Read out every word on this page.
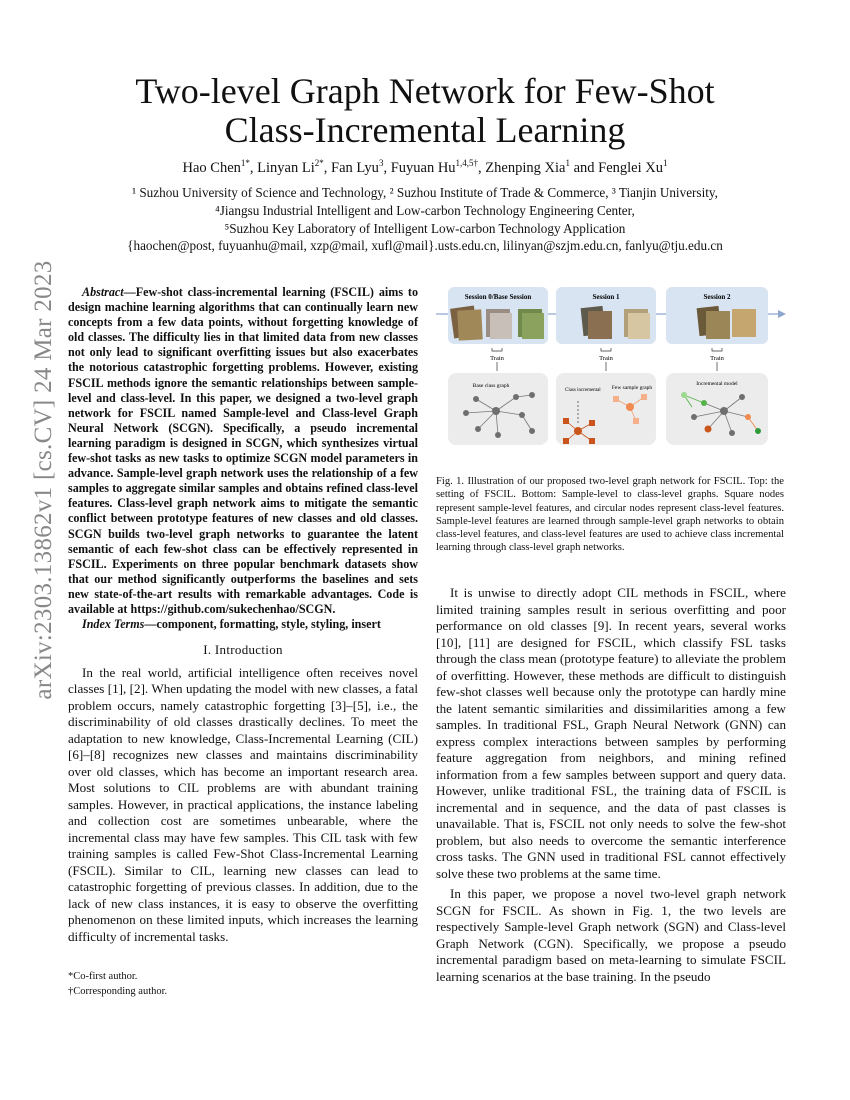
arXiv:2303.13862v1 [cs.CV] 24 Mar 2023
Two-level Graph Network for Few-Shot
Class-Incremental Learning
Hao Chen$^{1*}$, Linyan $Li^{2*}$, Fan Lyu$^3$, Fuyuan $Hu^{1,4,5\dagger}$, Zhenping Xia$^1$ and Fenglei Xu$^1$
¹ Suzhou University of Science and Technology, ² Suzhou Institute of Trade & Commerce, ³ Tianjin University,
⁴Jiangsu Industrial Intelligent and Low-carbon Technology Engineering Center,
⁵Suzhou Key Laboratory of Intelligent Low-carbon Technology Application
{haochen@post, fuyuanhu@mail, xzp@mail, xufl@mail}.usts.edu.cn, lilinyan@szjm.edu.cn, fanlyu@tju.edu.cn

Abstract—Few-shot class-incremental learning (FSCIL) aims to design machine learning algorithms that can continually learn new concepts from a few data points, without forgetting knowledge of old classes. The difficulty lies in that limited data from new classes not only lead to significant overfitting issues but also exacerbates the notorious catastrophic forgetting problems. However, existing FSCIL methods ignore the semantic relationships between sample-level and class-level. In this paper, we designed a two-level graph network for FSCIL named Sample-level and Class-level Graph Neural Network (SCGN). Specifically, a pseudo incremental learning paradigm is designed in SCGN, which synthesizes virtual few-shot tasks as new tasks to optimize SCGN model parameters in advance. Sample-level graph network uses the relationship of a few samples to aggregate similar samples and obtains refined class-level features. Class-level graph network aims to mitigate the semantic conflict between prototype features of new classes and old classes. SCGN builds two-level graph networks to guarantee the latent semantic of each few-shot class can be effectively represented in FSCIL. Experiments on three popular benchmark datasets show that our method significantly outperforms the baselines and sets new state-of-the-art results with remarkable advantages. Code is available at https://github.com/sukechenhao/SCGN.

Index Terms—component, formatting, style, styling, insert

I. Introduction

In the real world, artificial intelligence often receives novel classes [1], [2]. When updating the model with new classes, a fatal problem occurs, namely catastrophic forgetting [3]–[5], i.e., the discriminability of old classes drastically declines. To meet the adaptation to new knowledge, Class-Incremental Learning (CIL) [6]–[8] recognizes new classes and maintains discriminability over old classes, which has become an important research area. Most solutions to CIL problems are with abundant training samples. However, in practical applications, the instance labeling and collection cost are sometimes unbearable, where the incremental class may have few samples. This CIL task with few training samples is called Few-Shot Class-Incremental Learning (FSCIL). Similar to CIL, learning new classes can lead to catastrophic forgetting of previous classes. In addition, due to the lack of new class instances, it is easy to observe the overfitting phenomenon on these limited inputs, which increases the learning difficulty of incremental tasks.

*Co-first author.
†Corresponding author.
Session 0/Base Session	Session 1	Session 2
Train	Train	Train
Base class graph	Few sample graph
Incremental model
Class incremental
Fig. 1. Illustration of our proposed two-level graph network for FSCIL. Top: the setting of FSCIL. Bottom: Sample-level to class-level graphs. Square nodes represent sample-level features, and circular nodes represent class-level features. Sample-level features are learned through sample-level graph networks to obtain class-level features, and class-level features are used to achieve class incremental learning through class-level graph networks.

It is unwise to directly adopt CIL methods in FSCIL, where limited training samples result in serious overfitting and poor performance on old classes [9]. In recent years, several works [10], [11] are designed for FSCIL, which classify FSL tasks through the class mean (prototype feature) to alleviate the problem of overfitting. However, these methods are difficult to distinguish few-shot classes well because only the prototype can hardly mine the latent semantic similarities and dissimilarities among a few samples. In traditional FSL, Graph Neural Network (GNN) can express complex interactions between samples by performing feature aggregation from neighbors, and mining refined information from a few samples between support and query data. However, unlike traditional FSL, the training data of FSCIL is incremental and in sequence, and the data of past classes is unavailable. That is, FSCIL not only needs to solve the few-shot problem, but also needs to overcome the semantic interference cross tasks. The GNN used in traditional FSL cannot effectively solve these two problems at the same time.

In this paper, we propose a novel two-level graph network SCGN for FSCIL. As shown in Fig. 1, the two levels are respectively Sample-level Graph network (SGN) and Class-level Graph Network (CGN). Specifically, we propose a pseudo incremental paradigm based on meta-learning to simulate FSCIL learning scenarios at the base training. In the pseudo
